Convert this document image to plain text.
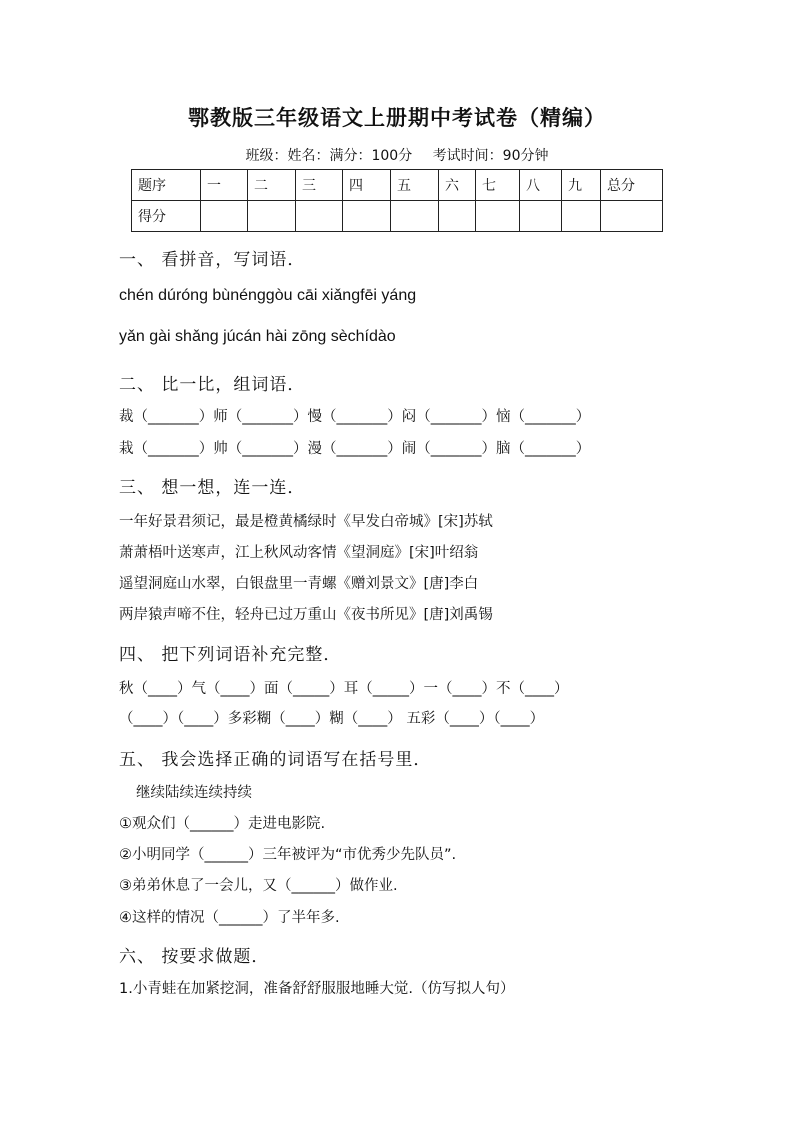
鄂教版三年级语文上册期中考试卷（精编）
班级：姓名：满分：100分 考试时间：90分钟
题序	一	二	三	四	五	六	七	八	九	总分
得分										
一、 看拼音，写词语．
chén dúróng bùnénggòu cāi xiǎngfēi yáng
yǎn gài shǎng júcán hài zōng sèchídào
二、 比一比，组词语．
裁（_______）师（_______）慢（_______）闷（_______）恼（_______）
栽（_______）帅（_______）漫（_______）闹（_______）脑（_______）
三、 想一想，连一连．
一年好景君须记，最是橙黄橘绿时《早发白帝城》[宋]苏轼
萧萧梧叶送寒声，江上秋风动客情《望洞庭》[宋]叶绍翁
遥望洞庭山水翠，白银盘里一青螺《赠刘景文》[唐]李白
两岸猿声啼不住，轻舟已过万重山《夜书所见》[唐]刘禹锡
四、 把下列词语补充完整．
秋（____）气（____）面（_____）耳（_____）一（____）不（____）
（____）（____）多彩糊（____）糊（____） 五彩（____）（____）
五、 我会选择正确的词语写在括号里．
继续陆续连续持续
①观众们（______）走进电影院.
②小明同学（______）三年被评为“市优秀少先队员”.
③弟弟休息了一会儿，又（______）做作业.
④这样的情况（______）了半年多.
六、 按要求做题．
1.小青蛙在加紧挖洞，准备舒舒服服地睡大觉.（仿写拟人句）
